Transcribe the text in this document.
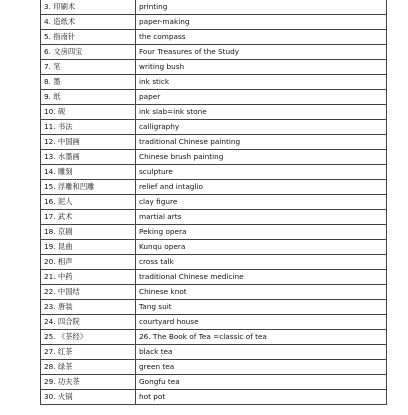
3. 印刷术	printing
4. 造纸术	paper-making
5. 指南针	the compass
6. 文房四宝	Four Treasures of the Study
7. 笔	writing bush
8. 墨	ink stick
9. 纸	paper
10. 砚	ink slab=ink stone
11. 书法	calligraphy
12. 中国画	traditional Chinese painting
13. 水墨画	Chinese brush painting
14. 雕刻	sculpture
15. 浮雕和凹雕	relief and intaglio
16. 泥人	clay figure
17. 武术	martial arts
18. 京剧	Peking opera
19. 昆曲	Kunqu opera
20. 相声	cross talk
21. 中药	traditional Chinese medicine
22. 中国结	Chinese knot
23. 唐装	Tang suit
24. 四合院	courtyard house
25. 《茶经》	26. The Book of Tea =classic of tea
27. 红茶	black tea
28. 绿茶	green tea
29. 功夫茶	Gongfu tea
30. 火锅	hot pot
